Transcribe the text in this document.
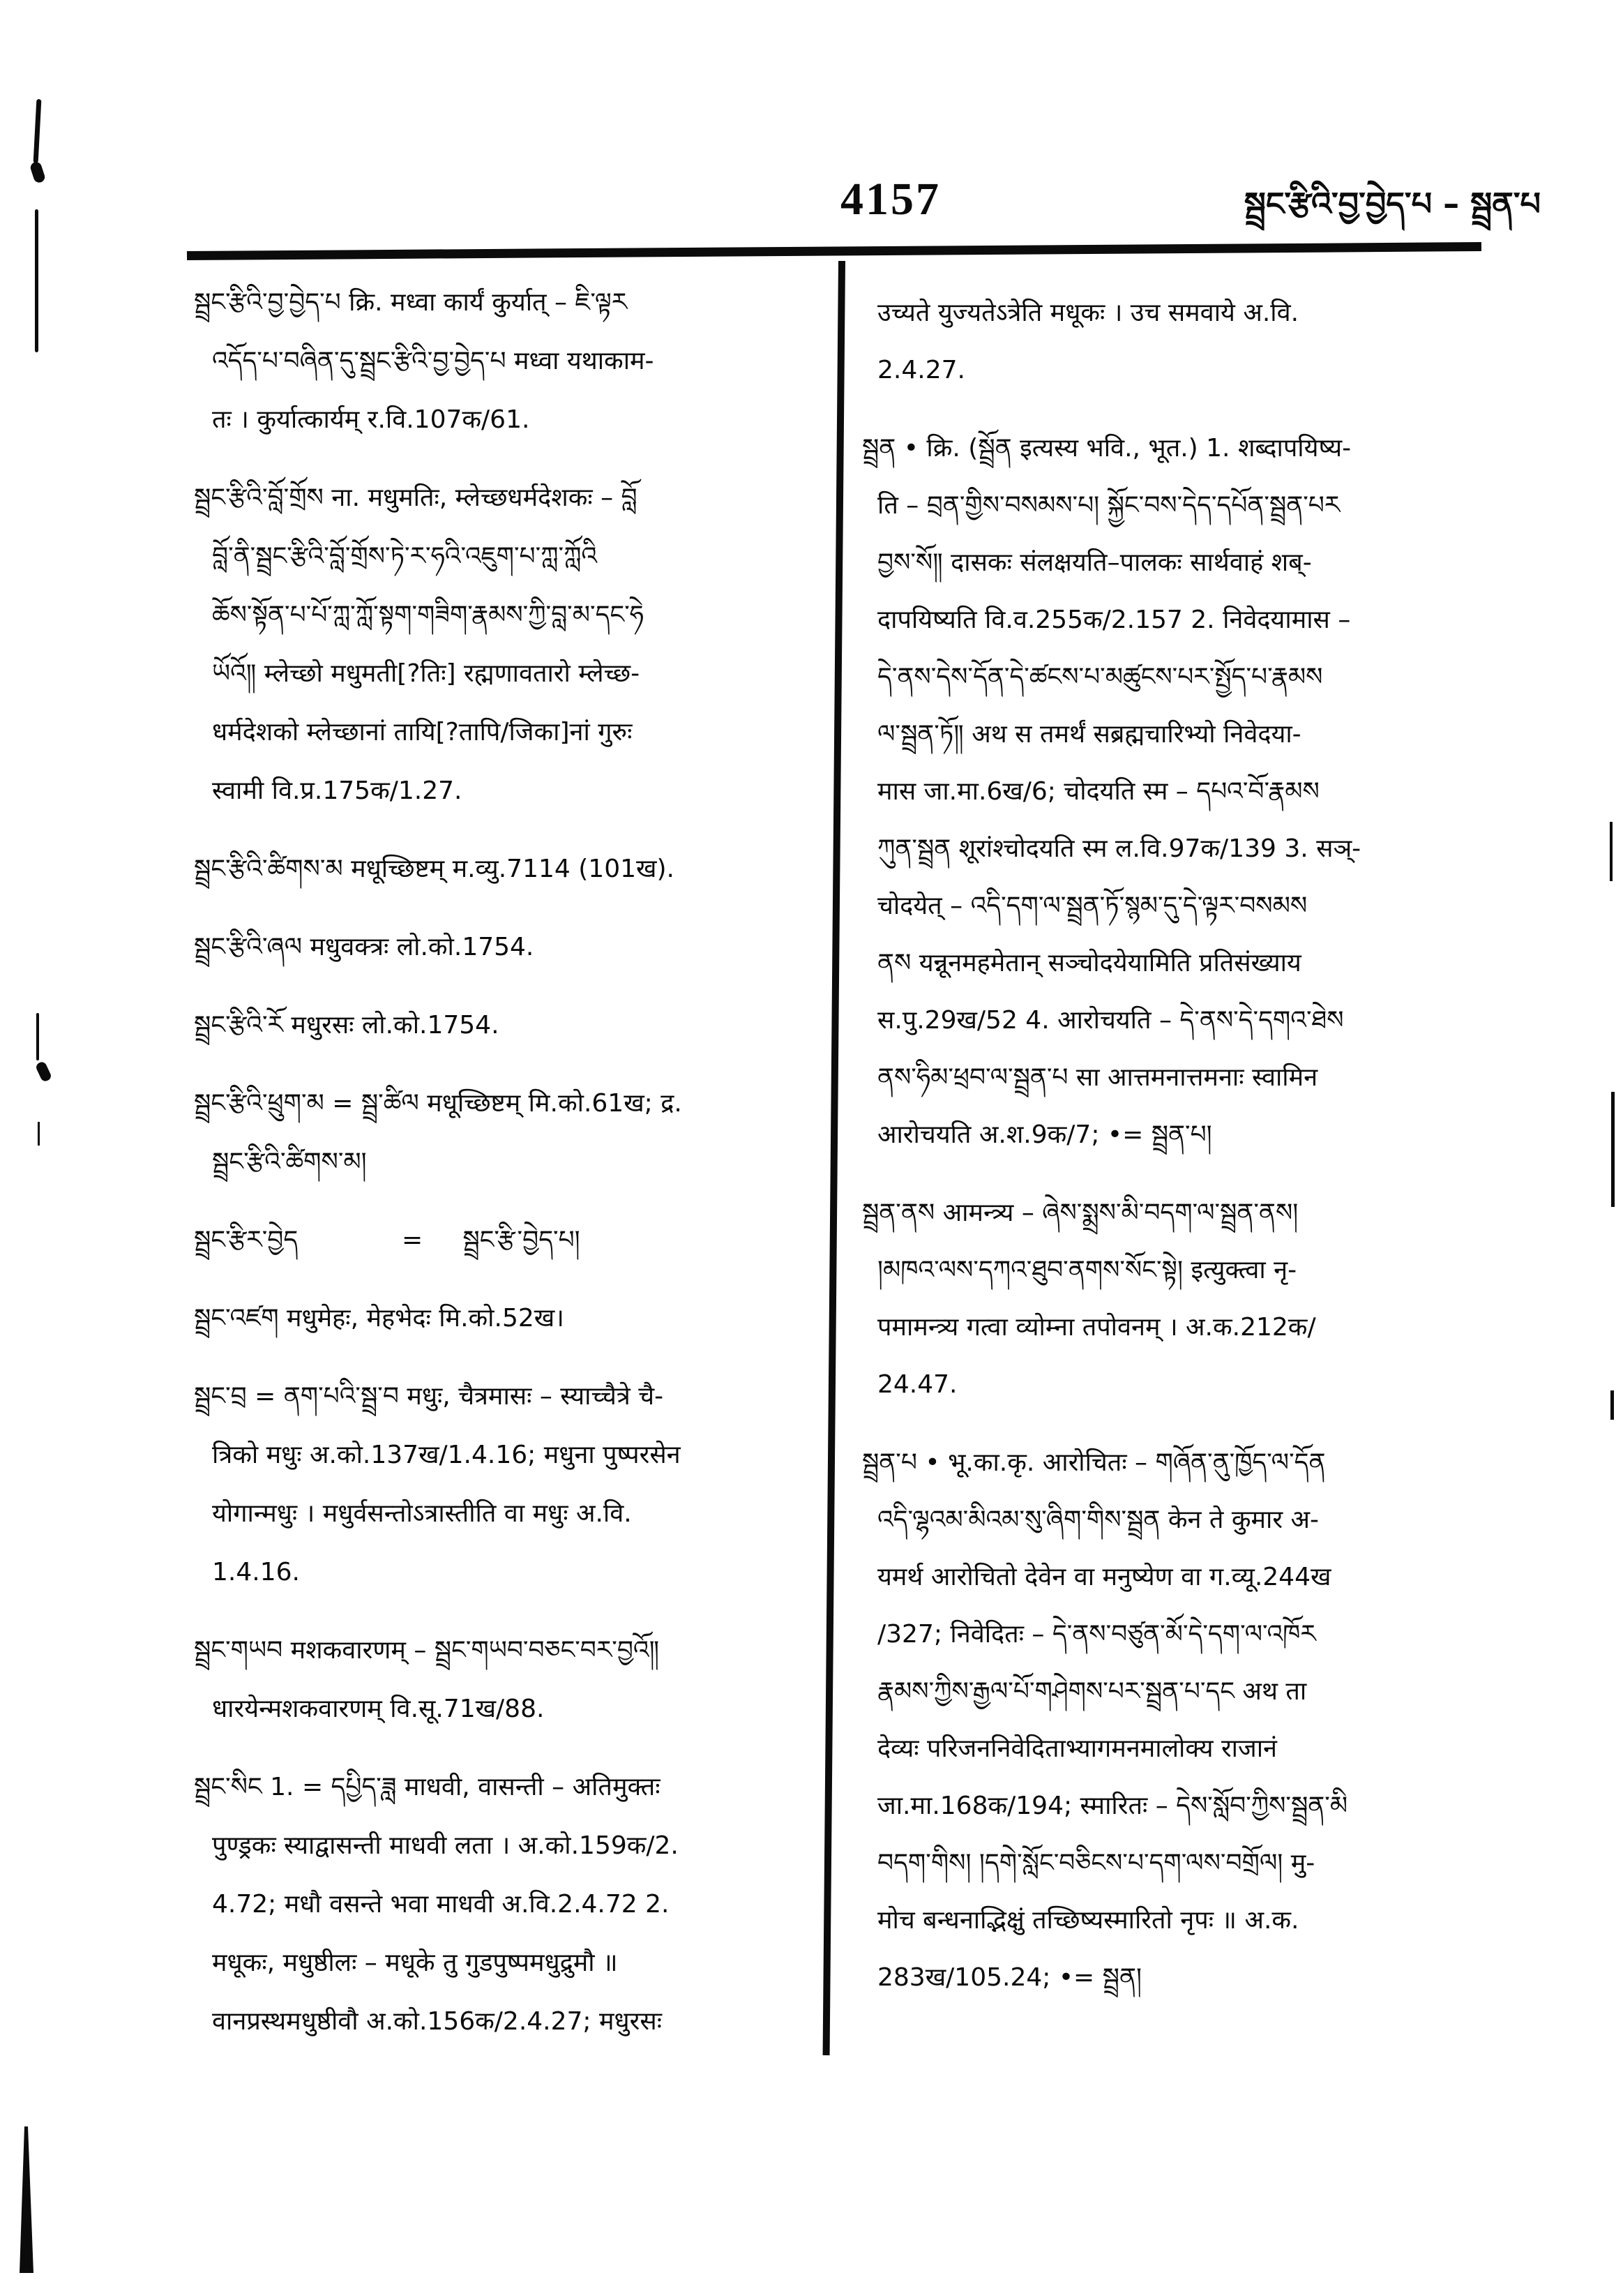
4157	སྦྲང་རྩིའི་བྱ་བྱེད་པ – སྦྲན་པ
སྦྲང་རྩིའི་བྱ་བྱེད་པ क्रि. मध्वा कार्यं कुर्यात् – ཇི་ལྟར
འདོད་པ་བཞིན་དུ་སྦྲང་རྩིའི་བྱ་བྱེད་པ मध्वा यथाकाम-
तः । कुर्यात्कार्यम् र.वि.107क/61.
སྦྲང་རྩིའི་བློ་གྲོས ना. मधुमतिः, म्लेच्छधर्मदेशकः – བློ
བློ་ནི་སྦྲང་རྩིའི་བློ་གྲོས་ཏེ་ར་ཧའི་འཇུག་པ་ཀླ་ཀློའི
ཆོས་སྟོན་པ་པོ་ཀླ་ཀློ་སྟག་གཟིག་རྣམས་ཀྱི་བླ་མ་དང་ཧེ
ཡོའོ༎ म्लेच्छो मधुमती[?तिः] रह्मणावतारो म्लेच्छ-
धर्मदेशको म्लेच्छानां तायि[?तापि/जिका]नां गुरुः
स्वामी वि.प्र.175क/1.27.
སྦྲང་རྩིའི་ཚིགས་མ मधूच्छिष्टम् म.व्यु.7114 (101ख).
སྦྲང་རྩིའི་ཞལ मधुवक्त्रः लो.को.1754.
སྦྲང་རྩིའི་རོ मधुरसः लो.को.1754.
སྦྲང་རྩིའི་ཕྲུག་མ = སྦྲ་ཚིལ मधूच्छिष्टम् मि.को.61ख; द्र.
སྦྲང་རྩིའི་ཚིགས་མ།
སྦྲང་རྩིར་བྱེད             =     སྦྲང་རྩི་བྱེད་པ།
སྦྲང་འཛག मधुमेहः, मेहभेदः मि.को.52ख।
སྦྲང་བྲ = ནག་པའི་སྦྲ་བ मधुः, चैत्रमासः – स्याच्चैत्रे चै-
त्रिको मधुः अ.को.137ख/1.4.16; मधुना पुष्परसेन
योगान्मधुः । मधुर्वसन्तोऽत्रास्तीति वा मधुः अ.वि.
1.4.16.
སྦྲང་གཡབ मशकवारणम् – སྦྲང་གཡབ་བཅང་བར་བྱའོ༎
धारयेन्मशकवारणम् वि.सू.71ख/88.
སྦྲང་སིང 1. = དཔྱིད་ཟླ माधवी, वासन्ती – अतिमुक्तः
पुण्ड्रकः स्याद्वासन्ती माधवी लता । अ.को.159क/2.
4.72; मधौ वसन्ते भवा माधवी अ.वि.2.4.72 2.
मधूकः, मधुष्ठीलः – मधूके तु गुडपुष्पमधुद्रुमौ ॥
वानप्रस्थमधुष्ठीवौ अ.को.156क/2.4.27; मधुरसः
उच्यते युज्यतेऽत्रेति मधूकः । उच समवाये अ.वि.
2.4.27.
སྦྲན • क्रि. (སྦྲོན इत्यस्य भवि., भूत.) 1. शब्दापयिष्य-
ति – བྲན་གྱིས་བསམས་པ། སྐྱོང་བས་དེད་དཔོན་སྦྲན་པར
བྱས་སོ༎ दासकः संलक्षयति–पालकः सार्थवाहं शब्-
दापयिष्यति वि.व.255क/2.157 2. निवेदयामास –
དེ་ནས་དེས་དོན་དེ་ཚངས་པ་མཚུངས་པར་སྤྱོད་པ་རྣམས
ལ་སྦྲན་ཏོ༎ अथ स तमर्थं सब्रह्मचारिभ्यो निवेदया-
मास जा.मा.6ख/6; चोदयति स्म – དཔའ་བོ་རྣམས
ཀུན་སྦྲན शूरांश्चोदयति स्म ल.वि.97क/139 3. सञ्-
चोदयेत् – འདི་དག་ལ་སྦྲན་ཏོ་སྙམ་དུ་དེ་ལྟར་བསམས
ནས यन्नूनमहमेतान् सञ्चोदयेयामिति प्रतिसंख्याय
स.पु.29ख/52 4. आरोचयति – དེ་ནས་དེ་དགའ་ཐེས
ནས་ཧིམ་ཕྲབ་ལ་སྦྲན་པ सा आत्तमनात्तमनाः स्वामिन
आरोचयति अ.श.9क/7; •= སྦྲན་པ།
སྦྲན་ནས आमन्त्र्य – ཞེས་སྨྲས་མི་བདག་ལ་སྦྲན་ནས།
།མཁའ་ལས་དཀའ་ཐུབ་ནགས་སོང་སྟེ། इत्युक्त्वा नृ-
पमामन्त्र्य गत्वा व्योम्ना तपोवनम् । अ.क.212क/
24.47.
སྦྲན་པ • भू.का.कृ. आरोचितः – གཞོན་ནུ་ཁྱོད་ལ་དོན
འདི་ལྷའམ་མིའམ་སུ་ཞིག་གིས་སྦྲན केन ते कुमार अ-
यमर्थ आरोचितो देवेन वा मनुष्येण वा ग.व्यू.244ख
/327; निवेदितः – དེ་ནས་བཙུན་མོ་དེ་དག་ལ་འཁོར
རྣམས་ཀྱིས་རྒྱལ་པོ་གཤེགས་པར་སྦྲན་པ་དང अथ ता
देव्यः परिजननिवेदिताभ्यागमनमालोक्य राजानं
जा.मा.168क/194; स्मारितः – དེས་སློབ་ཀྱིས་སྦྲན་མི
བདག་གིས། །དགེ་སློང་བཅིངས་པ་དག་ལས་བགྲོལ། मु-
मोच बन्धनाद्भिक्षुं तच्छिष्यस्मारितो नृपः ॥ अ.क.
283ख/105.24; •= སྦྲན།
